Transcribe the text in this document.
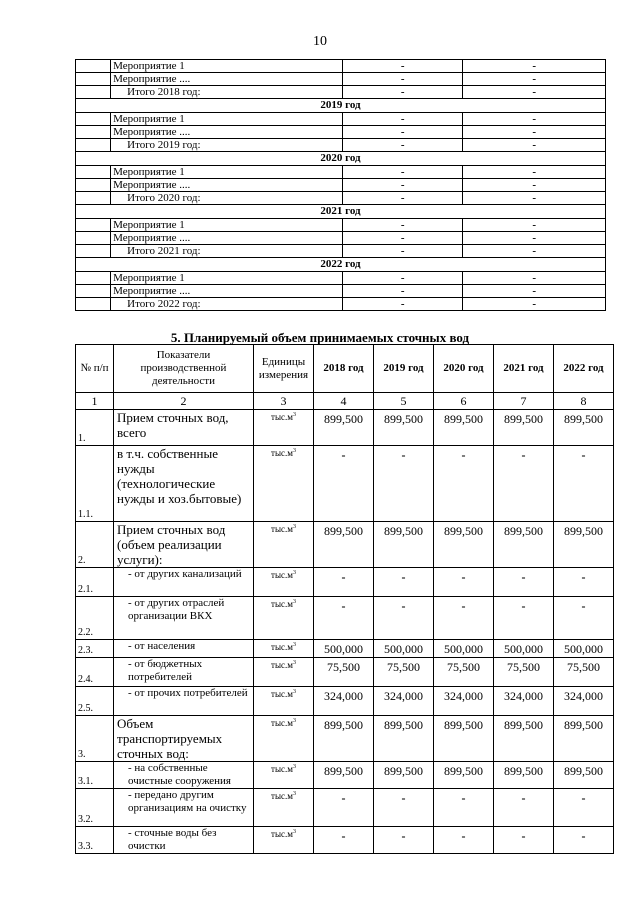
10
	Мероприятие 1	-	-
	Мероприятие ....	-	-
	Итого 2018 год:	-	-
2019 год			
	Мероприятие 1	-	-
	Мероприятие ....	-	-
	Итого 2019 год:	-	-
2020 год			
	Мероприятие 1	-	-
	Мероприятие ....	-	-
	Итого 2020 год:	-	-
2021 год			
	Мероприятие 1	-	-
	Мероприятие ....	-	-
	Итого 2021 год:	-	-
2022 год			
	Мероприятие 1	-	-
	Мероприятие ....	-	-
	Итого 2022 год:	-	-
5. Планируемый объем принимаемых сточных вод
№ п/п	Показатели производственной деятельности	Единицы измерения	2018 год	2019 год	2020 год	2021 год	2022 год
1	2	3	4	5	6	7	8
1.	Прием сточных вод, всего	$тыс.м^3$	899,500	899,500	899,500	899,500	899,500
1.1.	в т.ч. собственные нужды (технологические нужды и хоз.бытовые)	$тыс.м^3$	-	-	-	-	-
2.	Прием сточных вод (объем реализации услуги):	$тыс.м^3$	899,500	899,500	899,500	899,500	899,500
2.1.	- от других канализаций	$тыс.м^3$	-	-	-	-	-
2.2.	- от других отраслей организации ВКХ	$тыс.м^3$	-	-	-	-	-
2.3.	- от населения	$тыс.м^3$	500,000	500,000	500,000	500,000	500,000
2.4.	- от бюджетных потребителей	$тыс.м^3$	75,500	75,500	75,500	75,500	75,500
2.5.	- от прочих потребителей	$тыс.м^3$	324,000	324,000	324,000	324,000	324,000
3.	Объем транспортируемых сточных вод:	$тыс.м^3$	899,500	899,500	899,500	899,500	899,500
3.1.	- на собственные очистные сооружения	$тыс.м^3$	899,500	899,500	899,500	899,500	899,500
3.2.	- передано другим организациям на очистку	$тыс.м^3$	-	-	-	-	-
3.3.	- сточные воды без очистки	$тыс.м^3$	-	-	-	-	-
